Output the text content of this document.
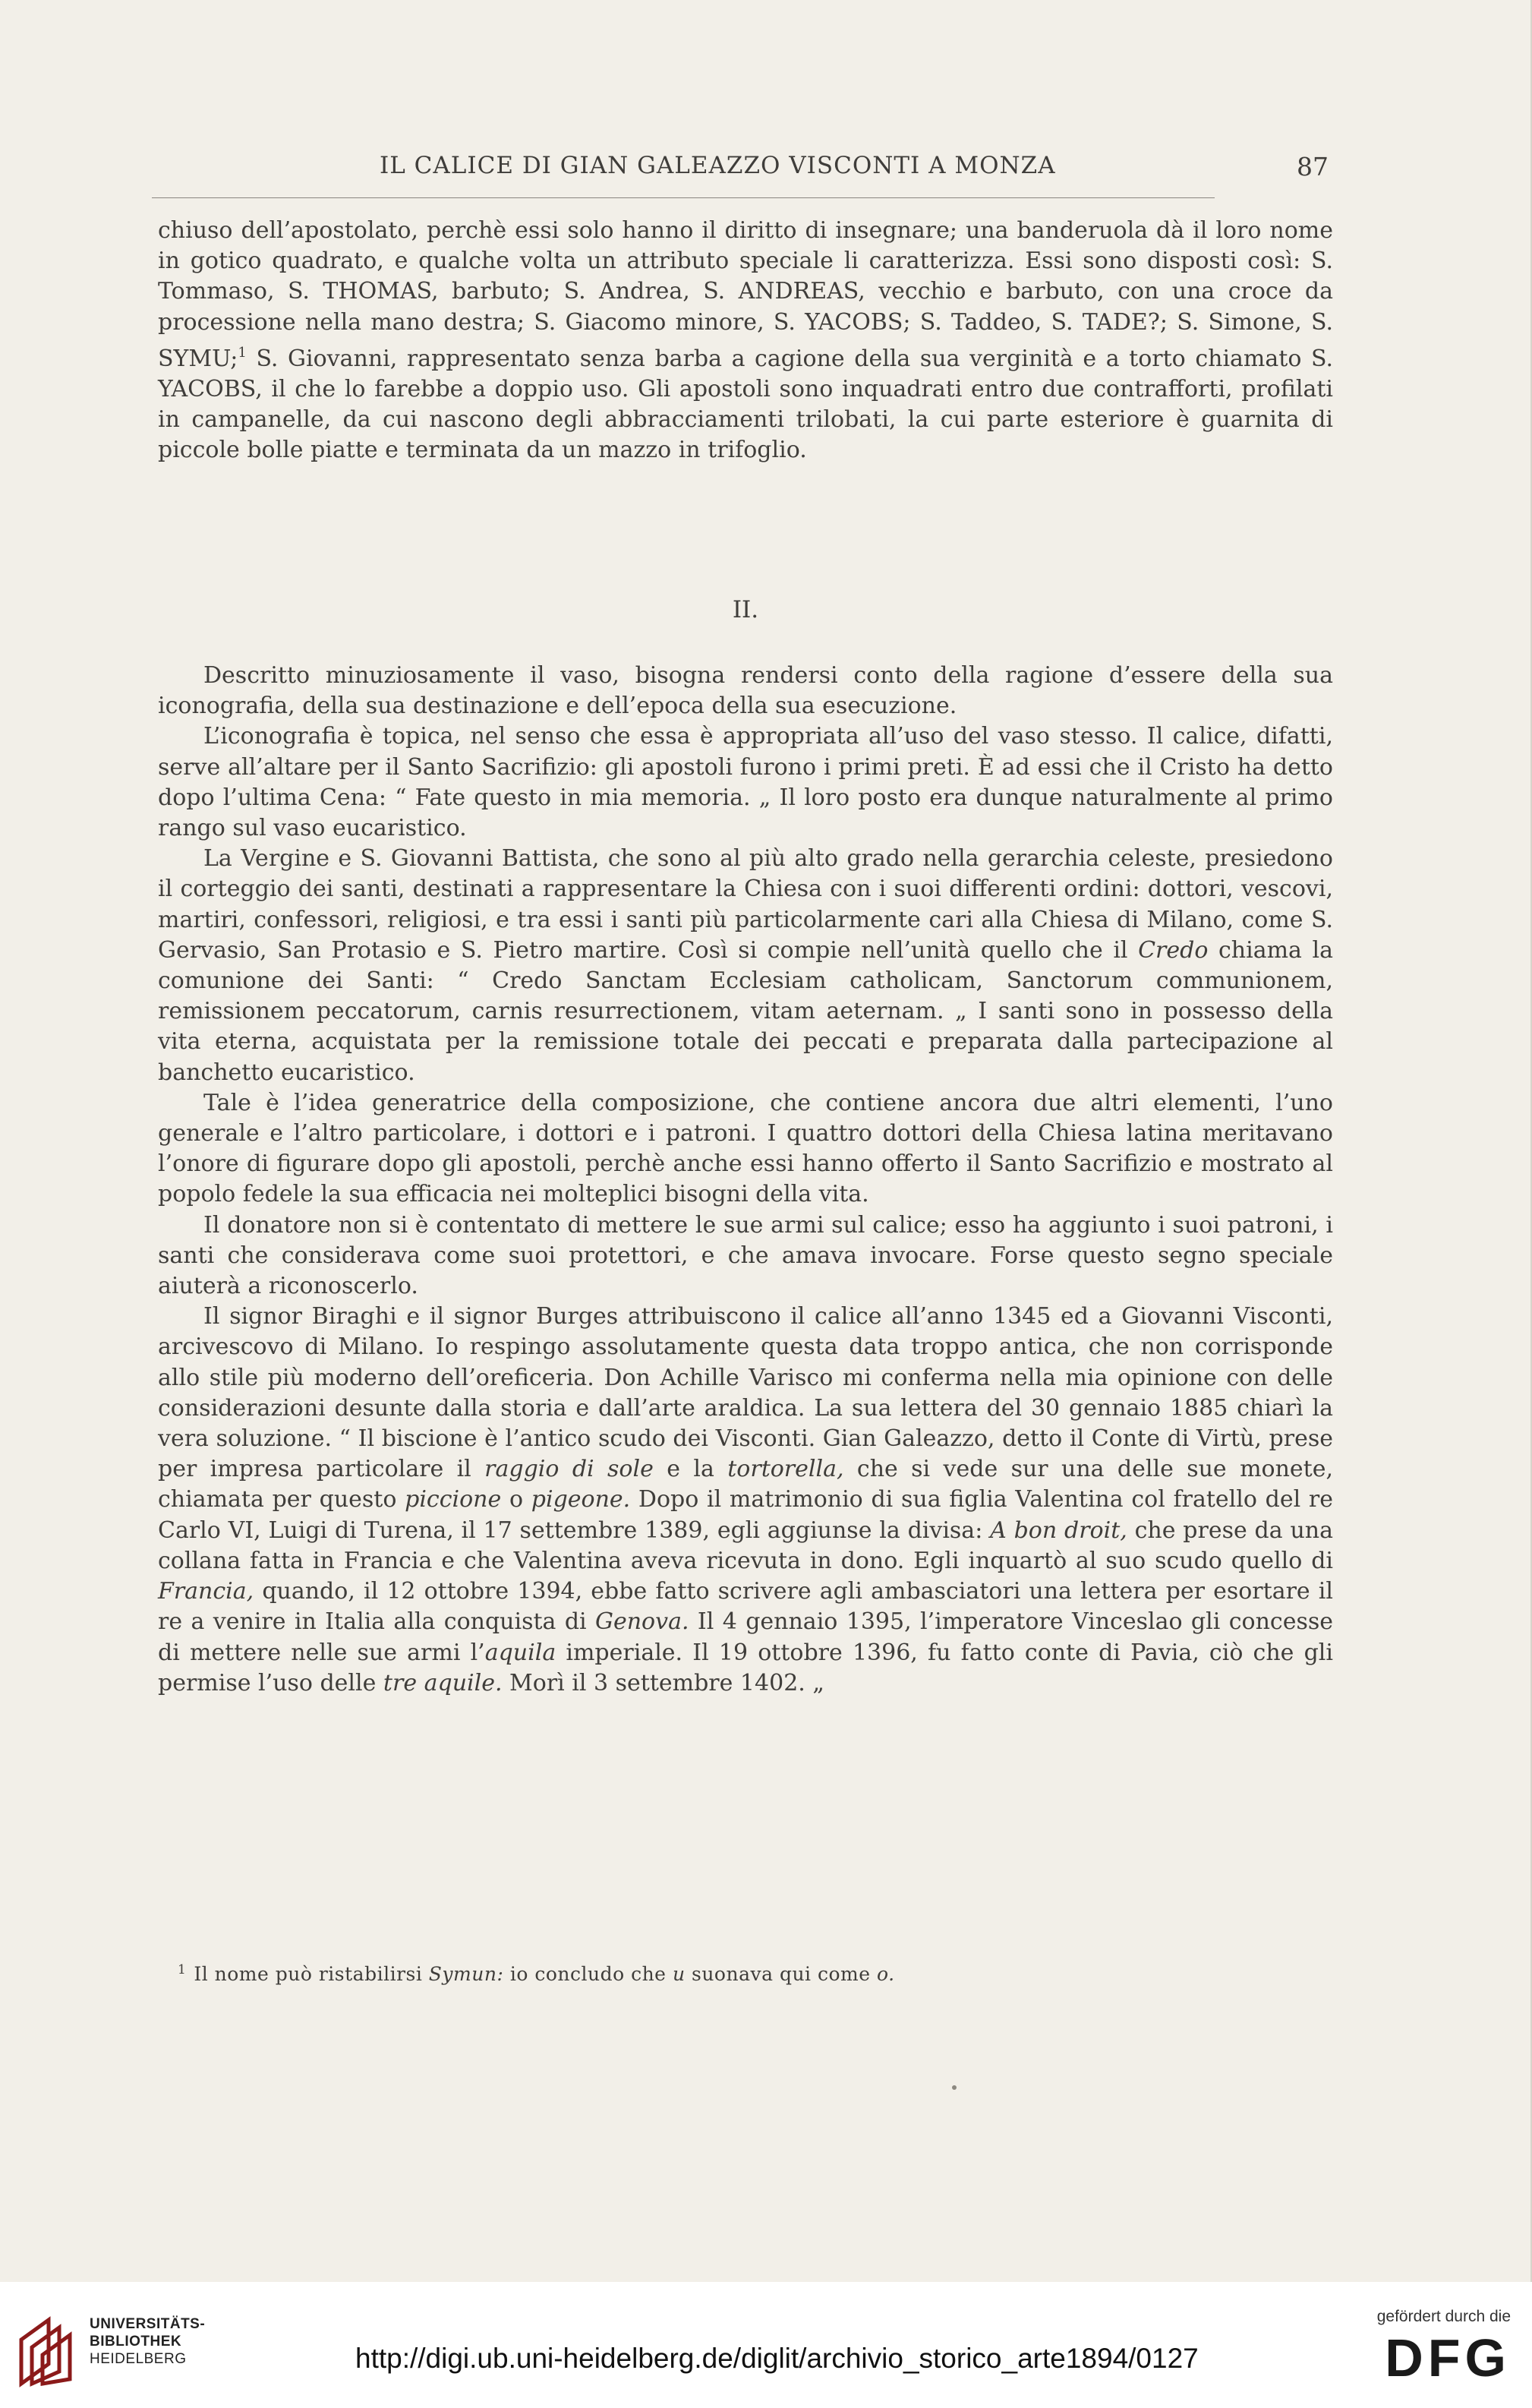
IL CALICE DI GIAN GALEAZZO VISCONTI A MONZA	87

chiuso dell’apostolato, perchè essi solo hanno il diritto di insegnare; una banderuola dà il loro nome in gotico quadrato, e qualche volta un attributo speciale li caratterizza. Essi sono disposti così: S. Tommaso, S. THOMAS, barbuto; S. Andrea, S. ANDREAS, vecchio e barbuto, con una croce da processione nella mano destra; S. Giacomo minore, S. YACOBS; S. Taddeo, S. TADE?; S. Simone, S. SYMU;$^1$ S. Giovanni, rappresentato senza barba a cagione della sua verginità e a torto chiamato S. YACOBS, il che lo farebbe a doppio uso. Gli apostoli sono inquadrati entro due contrafforti, profilati in campanelle, da cui nascono degli abbracciamenti trilobati, la cui parte esteriore è guarnita di piccole bolle piatte e terminata da un mazzo in trifoglio.

II.

Descritto minuziosamente il vaso, bisogna rendersi conto della ragione d’essere della sua iconografia, della sua destinazione e dell’epoca della sua esecuzione.

L’iconografia è topica, nel senso che essa è appropriata all’uso del vaso stesso. Il calice, difatti, serve all’altare per il Santo Sacrifizio: gli apostoli furono i primi preti. È ad essi che il Cristo ha detto dopo l’ultima Cena: “ Fate questo in mia memoria. „ Il loro posto era dunque naturalmente al primo rango sul vaso eucaristico.

La Vergine e S. Giovanni Battista, che sono al più alto grado nella gerarchia celeste, presiedono il corteggio dei santi, destinati a rappresentare la Chiesa con i suoi differenti ordini: dottori, vescovi, martiri, confessori, religiosi, e tra essi i santi più particolarmente cari alla Chiesa di Milano, come S. Gervasio, San Protasio e S. Pietro martire. Così si compie nell’unità quello che il Credo chiama la comunione dei Santi: “ Credo Sanctam Ecclesiam catholicam, Sanctorum communionem, remissionem peccatorum, carnis resurrectionem, vitam aeternam. „ I santi sono in possesso della vita eterna, acquistata per la remissione totale dei peccati e preparata dalla partecipazione al banchetto eucaristico.

Tale è l’idea generatrice della composizione, che contiene ancora due altri elementi, l’uno generale e l’altro particolare, i dottori e i patroni. I quattro dottori della Chiesa latina meritavano l’onore di figurare dopo gli apostoli, perchè anche essi hanno offerto il Santo Sacrifizio e mostrato al popolo fedele la sua efficacia nei molteplici bisogni della vita.

Il donatore non si è contentato di mettere le sue armi sul calice; esso ha aggiunto i suoi patroni, i santi che considerava come suoi protettori, e che amava invocare. Forse questo segno speciale aiuterà a riconoscerlo.

Il signor Biraghi e il signor Burges attribuiscono il calice all’anno 1345 ed a Giovanni Visconti, arcivescovo di Milano. Io respingo assolutamente questa data troppo antica, che non corrisponde allo stile più moderno dell’oreficeria. Don Achille Varisco mi conferma nella mia opinione con delle considerazioni desunte dalla storia e dall’arte araldica. La sua lettera del 30 gennaio 1885 chiarì la vera soluzione. “ Il biscione è l’antico scudo dei Visconti. Gian Galeazzo, detto il Conte di Virtù, prese per impresa particolare il raggio di sole e la tortorella, che si vede sur una delle sue monete, chiamata per questo piccione o pigeone. Dopo il matrimonio di sua figlia Valentina col fratello del re Carlo VI, Luigi di Turena, il 17 settembre 1389, egli aggiunse la divisa: A bon droit, che prese da una collana fatta in Francia e che Valentina aveva ricevuta in dono. Egli inquartò al suo scudo quello di Francia, quando, il 12 ottobre 1394, ebbe fatto scrivere agli ambasciatori una lettera per esortare il re a venire in Italia alla conquista di Genova. Il 4 gennaio 1395, l’imperatore Vinceslao gli concesse di mettere nelle sue armi l’aquila imperiale. Il 19 ottobre 1396, fu fatto conte di Pavia, ciò che gli permise l’uso delle tre aquile. Morì il 3 settembre 1402. „

$^1$ Il nome può ristabilirsi Symun: io concludo che u suonava qui come o.
UNIVERSITÄTS-
BIBLIOTHEK
HEIDELBERG	http://digi.ub.uni-heidelberg.de/diglit/archivio_storico_arte1894/0127
gefördert durch die
DFG
